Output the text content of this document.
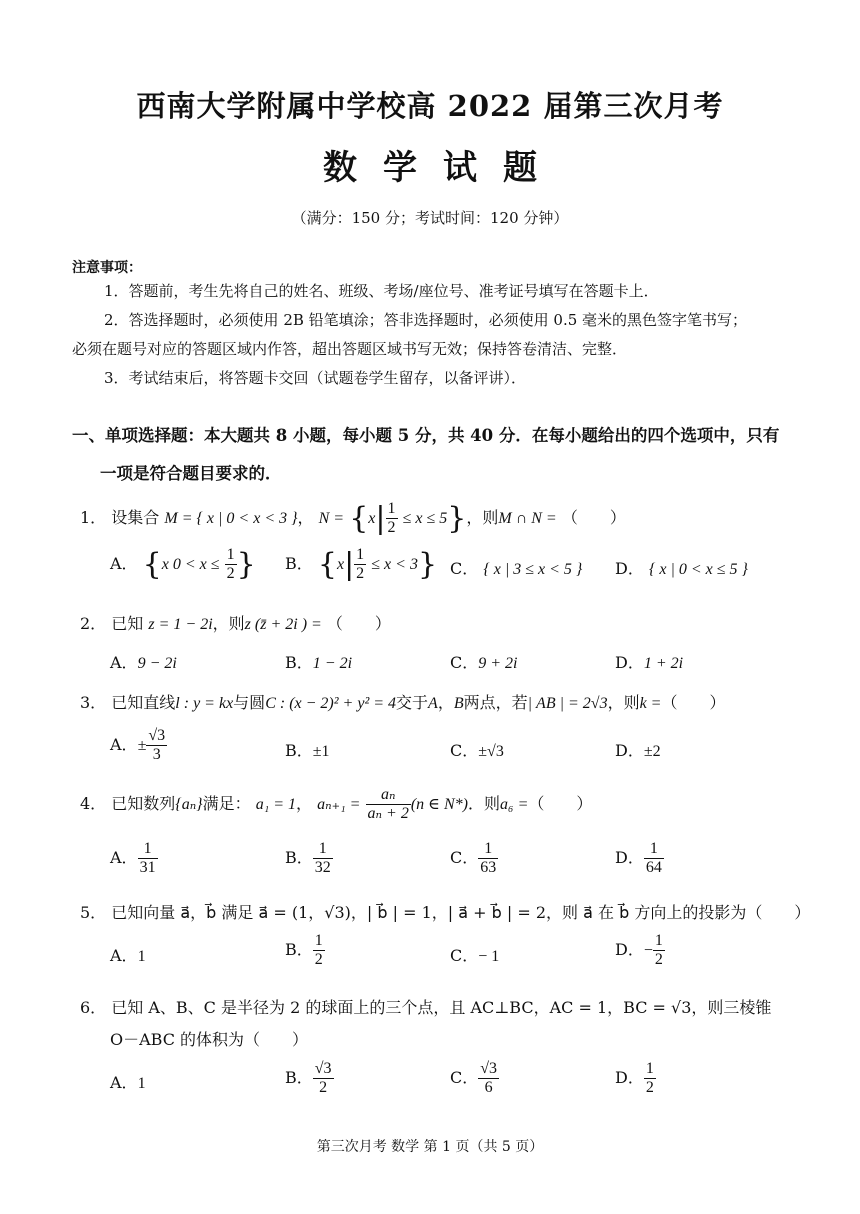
西南大学附属中学校高 2022 届第三次月考
数学试题
（满分：150 分；考试时间：120 分钟）
注意事项：
1．答题前，考生先将自己的姓名、班级、考场/座位号、准考证号填写在答题卡上．
2．答选择题时，必须使用 2B 铅笔填涂；答非选择题时，必须使用 0.5 毫米的黑色签字笔书写；
必须在题号对应的答题区域内作答，超出答题区域书写无效；保持答卷清洁、完整．
3．考试结束后，将答题卡交回（试题卷学生留存，以备评讲）．
一、单项选择题：本大题共 8 小题，每小题 5 分，共 40 分．在每小题给出的四个选项中，只有一项是符合题目要求的．
1． 设集合 M = { x | 0 < x < 3 }， $N = \{x| \frac{1}{2} \le x \le 5\}$，则M ∩ N = （　　）
A． {x $0 < x \le \frac{1}{2}$ } B． $\{x| \frac{1}{2} \le x < 3\}$ C． { x | 3 ≤ x < 5 } D． { x | 0 < x ≤ 5 }
2． 已知 z = 1 − 2i，则z (z̄ + 2i ) = （　　）
A．9 − 2i	B．1 − 2i	C．9 + 2i	D．1 + 2i
3． 已知直线l : y = kx与圆C : (x − 2)² + y² = 4交于A，B两点，若| AB | = 2√3，则k =（　　）
A．± $\frac{√3}{3}$	B．±1	C．±√3	D．±2
4． 已知数列{aₙ}满足： a₁ = 1， $a_{n+1} = \frac{\text{aₙ}}{\text{aₙ + 2}} (n$ ∈ N*)．则a₆ =（　　）
A． $\frac{1}{31}$	B． $\frac{1}{32}$	C． $\frac{1}{63}$	D． $\frac{1}{64}$
5． 已知向量 a⃗，b⃗ 满足 a⃗ = (1，√3)，| b⃗ | = 1，| a⃗ + b⃗ | = 2，则 a⃗ 在 b⃗ 方向上的投影为（　　）
A．1	B． $\frac{1}{2}$	C．− 1	D．− $\frac{1}{2}$
6． 已知 A、B、C 是半径为 2 的球面上的三个点，且 AC⊥BC，AC = 1，BC = √3，则三棱锥
O－ABC 的体积为（　　）
A．1	B． $\frac{√3}{2}$	C． $\frac{√3}{6}$	D． $\frac{1}{2}$
第三次月考 数学 第 1 页（共 5 页）
